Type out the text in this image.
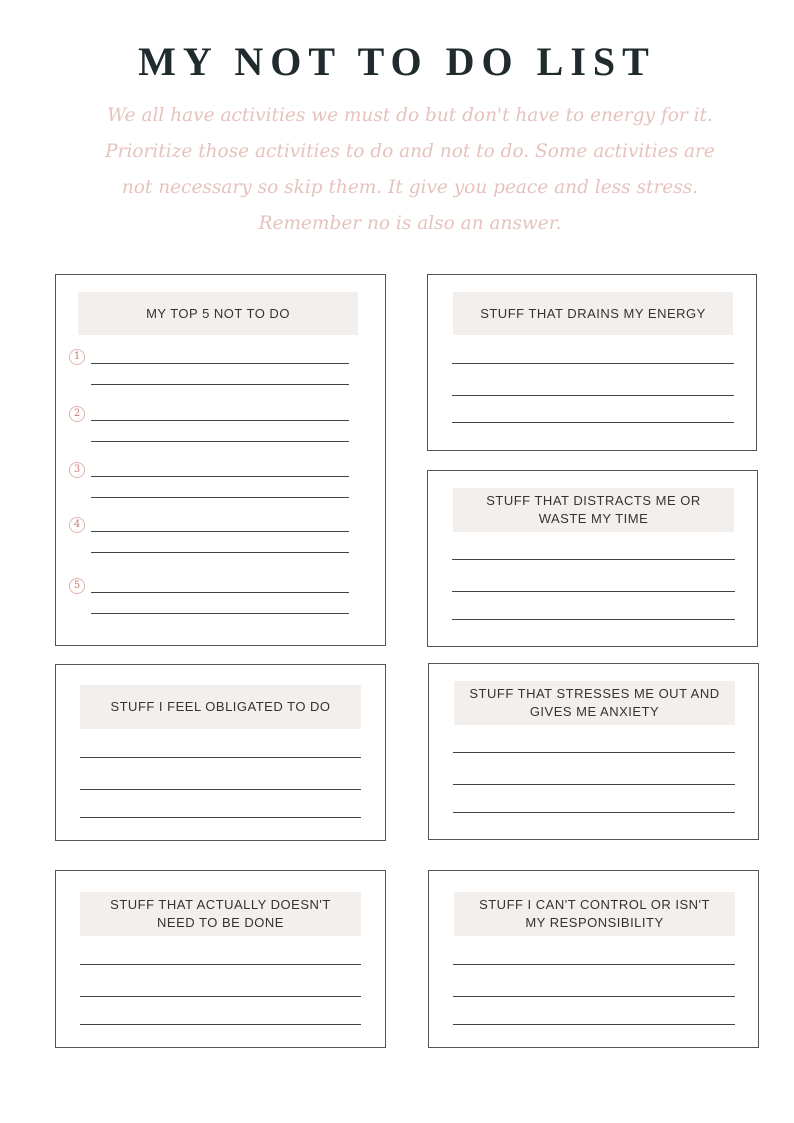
MY NOT TO DO LIST
We all have activities we must do but don't have to energy for it.
Prioritize those activities to do and not to do. Some activities are
not necessary so skip them. It give you peace and less stress.
Remember no is also an answer.
MY TOP 5 NOT TO DO
1
2
3
4
5
STUFF THAT DRAINS MY ENERGY
STUFF THAT DISTRACTS ME OR
WASTE MY TIME
STUFF I FEEL OBLIGATED TO DO
STUFF THAT STRESSES ME OUT AND
GIVES ME ANXIETY
STUFF THAT ACTUALLY DOESN'T
NEED TO BE DONE
STUFF I CAN'T CONTROL OR ISN'T
MY RESPONSIBILITY
